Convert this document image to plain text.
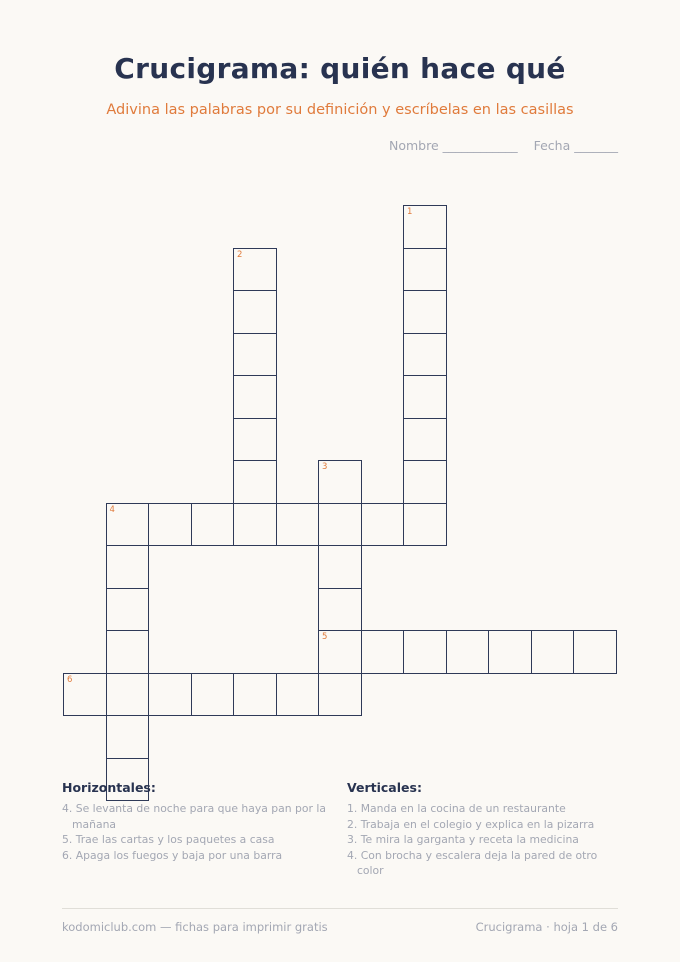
Crucigrama: quién hace qué
Adivina las palabras por su definición y escríbelas en las casillas
Nombre ____________ Fecha _______
1
2
3
5
4
6
Horizontales:
4. Se levanta de noche para que haya pan por la mañana
5. Trae las cartas y los paquetes a casa
6. Apaga los fuegos y baja por una barra
Verticales:
1. Manda en la cocina de un restaurante
2. Trabaja en el colegio y explica en la pizarra
3. Te mira la garganta y receta la medicina
4. Con brocha y escalera deja la pared de otro color
kodomiclub.com — fichas para imprimir gratis	Crucigrama · hoja 1 de 6
